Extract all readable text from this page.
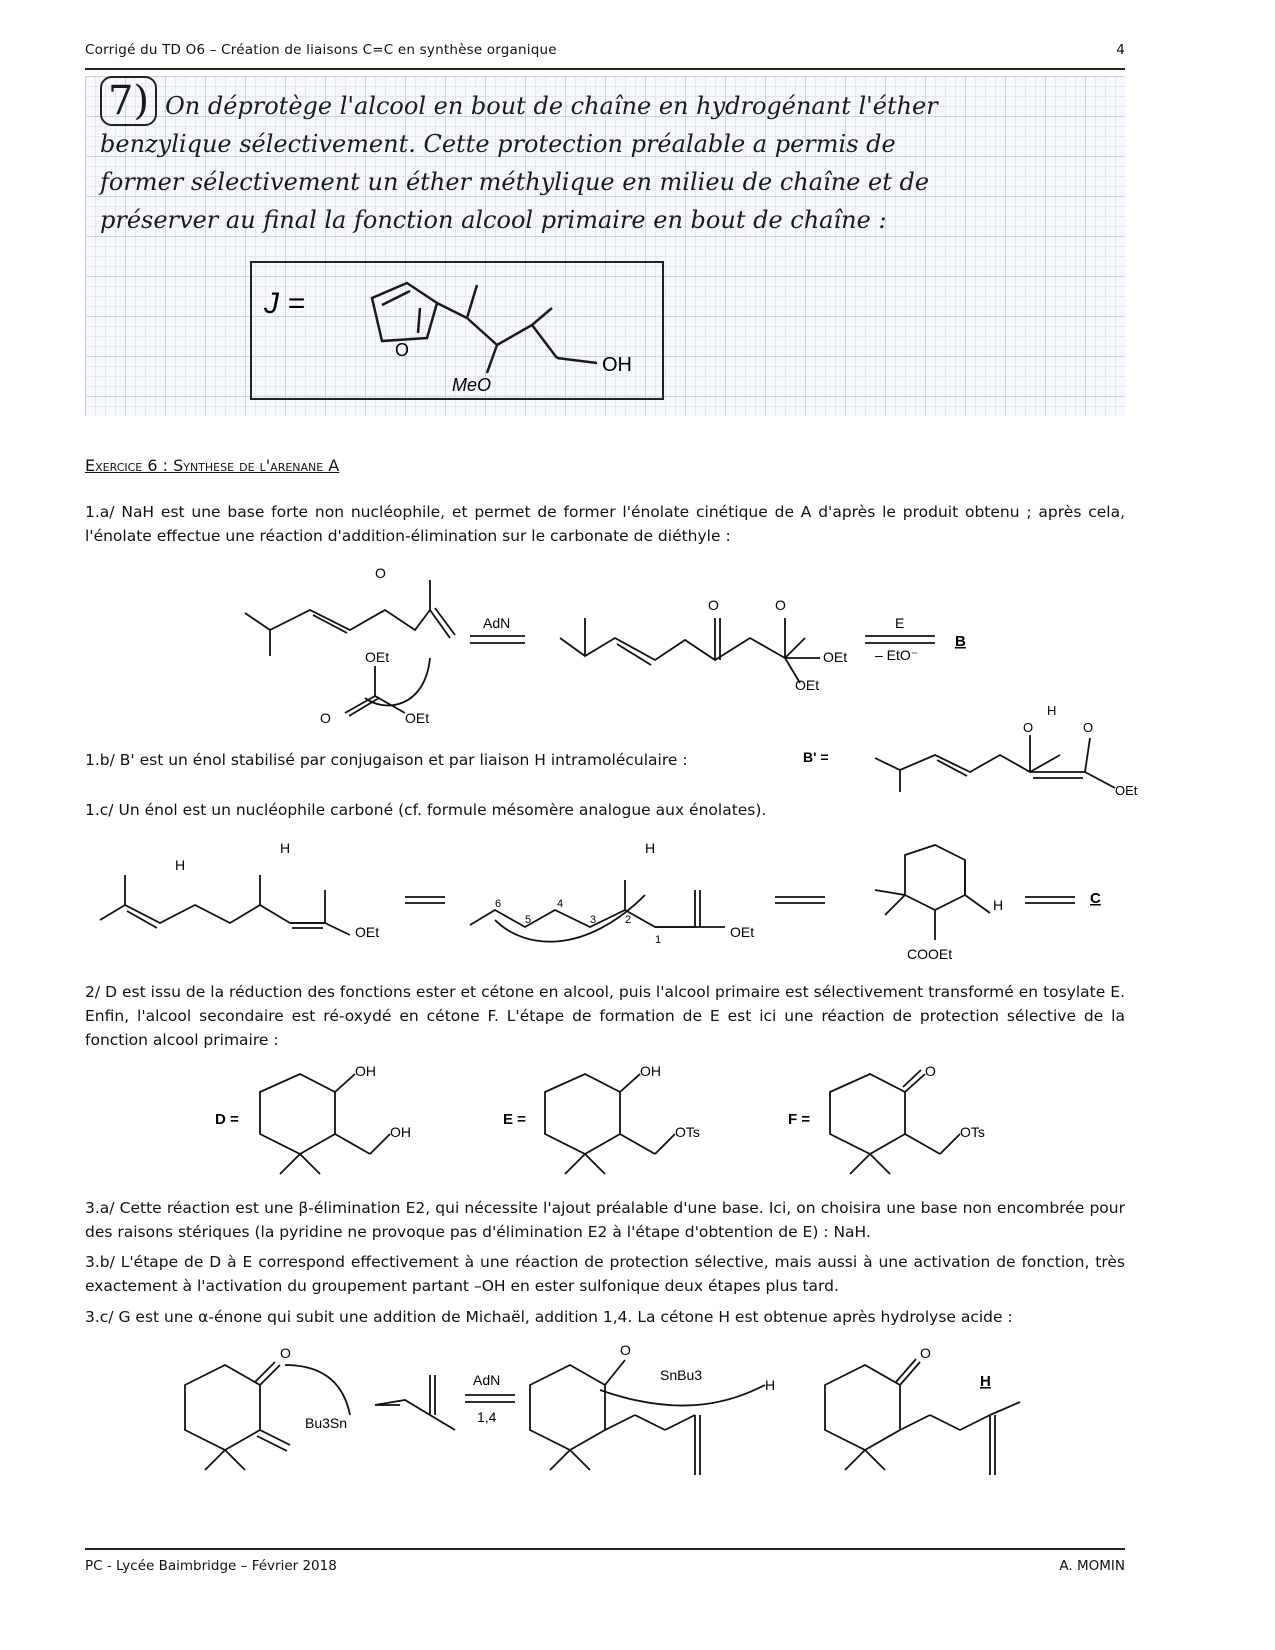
Corrigé du TD O6 – Création de liaisons C=C en synthèse organique	4
7) On déprotège l'alcool en bout de chaîne en hydrogénant l'éther
benzylique sélectivement. Cette protection préalable a permis de
former sélectivement un éther méthylique en milieu de chaîne et de
préserver au final la fonction alcool primaire en bout de chaîne :
J =
O
MeO
OH
Exercice 6 : Synthese de l'arenane A
1.a/ NaH est une base forte non nucléophile, et permet de former l'énolate cinétique de A d'après le produit obtenu ; après cela, l'énolate effectue une réaction d'addition-élimination sur le carbonate de diéthyle :
O
OEt
O	OEt
AdN
O	O
OEt
OEt
E
– EtO⁻
B
1.b/ B' est un énol stabilisé par conjugaison et par liaison H intramoléculaire :	B' =
O
H
O
OEt
1.c/ Un énol est un nucléophile carboné (cf. formule mésomère analogue aux énolates).
H
H
OEt
H
OEt
6
5
4
3	2
1
H
COOEt
C
2/ D est issu de la réduction des fonctions ester et cétone en alcool, puis l'alcool primaire est sélectivement transformé en tosylate E. Enfin, l'alcool secondaire est ré-oxydé en cétone F. L'étape de formation de E est ici une réaction de protection sélective de la fonction alcool primaire :
D =
OH
OH
E =
OH
OTs
F =
O
OTs
3.a/ Cette réaction est une β-élimination E2, qui nécessite l'ajout préalable d'une base. Ici, on choisira une base non encombrée pour des raisons stériques (la pyridine ne provoque pas d'élimination E2 à l'étape d'obtention de E) : NaH.
3.b/ L'étape de D à E correspond effectivement à une réaction de protection sélective, mais aussi à une activation de fonction, très exactement à l'activation du groupement partant –OH en ester sulfonique deux étapes plus tard.
3.c/ G est une α-énone qui subit une addition de Michaël, addition 1,4. La cétone H est obtenue après hydrolyse acide :
O
Bu3Sn
AdN
1,4
O
SnBu3
H
O
H
PC - Lycée Baimbridge – Février 2018	A. MOMIN
